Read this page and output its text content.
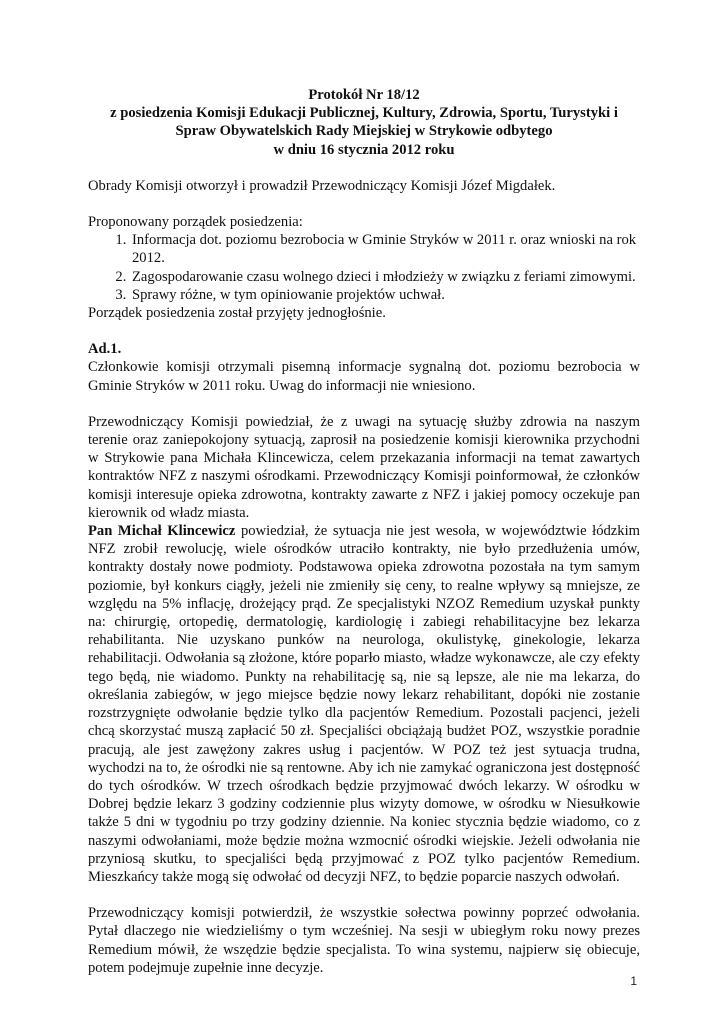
Protokół Nr 18/12
z posiedzenia Komisji Edukacji Publicznej, Kultury, Zdrowia, Sportu, Turystyki i
Spraw Obywatelskich Rady Miejskiej w Strykowie odbytego
w dniu 16 stycznia 2012 roku

Obrady Komisji otworzył i prowadził Przewodniczący Komisji Józef Migdałek.

Proponowany porządek posiedzenia:

1. Informacja dot. poziomu bezrobocia w Gminie Stryków w 2011 r. oraz wnioski na rok 2012.
2. Zagospodarowanie czasu wolnego dzieci i młodzieży w związku z feriami zimowymi.
3. Sprawy różne, w tym opiniowanie projektów uchwał.

Porządek posiedzenia został przyjęty jednogłośnie.

Ad.1.

Członkowie komisji otrzymali pisemną informacje sygnalną dot. poziomu bezrobocia w Gminie Stryków w 2011 roku. Uwag do informacji nie wniesiono.

Przewodniczący Komisji powiedział, że z uwagi na sytuację służby zdrowia na naszym terenie oraz zaniepokojony sytuacją, zaprosił na posiedzenie komisji kierownika przychodni w Strykowie pana Michała Klincewicza, celem przekazania informacji na temat zawartych kontraktów NFZ z naszymi ośrodkami. Przewodniczący Komisji poinformował, że członków komisji interesuje opieka zdrowotna, kontrakty zawarte z NFZ i jakiej pomocy oczekuje pan kierownik od władz miasta.

Pan Michał Klincewicz powiedział, że sytuacja nie jest wesoła, w województwie łódzkim NFZ zrobił rewolucję, wiele ośrodków utraciło kontrakty, nie było przedłużenia umów, kontrakty dostały nowe podmioty. Podstawowa opieka zdrowotna pozostała na tym samym poziomie, był konkurs ciągły, jeżeli nie zmieniły się ceny, to realne wpływy są mniejsze, ze względu na 5% inflację, drożejący prąd. Ze specjalistyki NZOZ Remedium uzyskał punkty na: chirurgię, ortopedię, dermatologię, kardiologię i zabiegi rehabilitacyjne bez lekarza rehabilitanta. Nie uzyskano punków na neurologa, okulistykę, ginekologie, lekarza rehabilitacji. Odwołania są złożone, które poparło miasto, władze wykonawcze, ale czy efekty tego będą, nie wiadomo. Punkty na rehabilitację są, nie są lepsze, ale nie ma lekarza, do określania zabiegów, w jego miejsce będzie nowy lekarz rehabilitant, dopóki nie zostanie rozstrzygnięte odwołanie będzie tylko dla pacjentów Remedium. Pozostali pacjenci, jeżeli chcą skorzystać muszą zapłacić 50 zł. Specjaliści obciążają budżet POZ, wszystkie poradnie pracują, ale jest zawężony zakres usług i pacjentów. W POZ też jest sytuacja trudna, wychodzi na to, że ośrodki nie są rentowne. Aby ich nie zamykać ograniczona jest dostępność do tych ośrodków. W trzech ośrodkach będzie przyjmować dwóch lekarzy. W ośrodku w Dobrej będzie lekarz 3 godziny codziennie plus wizyty domowe, w ośrodku w Niesułkowie także 5 dni w tygodniu po trzy godziny dziennie. Na koniec stycznia będzie wiadomo, co z naszymi odwołaniami, może będzie można wzmocnić ośrodki wiejskie. Jeżeli odwołania nie przyniosą skutku, to specjaliści będą przyjmować z POZ tylko pacjentów Remedium. Mieszkańcy także mogą się odwołać od decyzji NFZ, to będzie poparcie naszych odwołań.

Przewodniczący komisji potwierdził, że wszystkie sołectwa powinny poprzeć odwołania. Pytał dlaczego nie wiedzieliśmy o tym wcześniej. Na sesji w ubiegłym roku nowy prezes Remedium mówił, że wszędzie będzie specjalista. To wina systemu, najpierw się obiecuje, potem podejmuje zupełnie inne decyzje.

1
